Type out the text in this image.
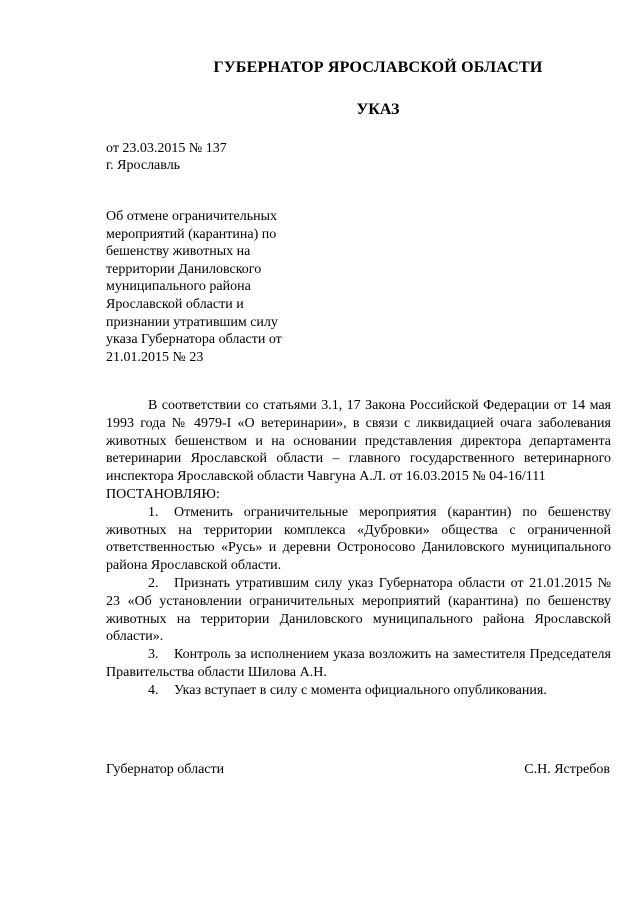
ГУБЕРНАТОР ЯРОСЛАВСКОЙ ОБЛАСТИ
УКАЗ
от 23.03.2015 № 137
г. Ярославль
Об отмене ограничительных мероприятий (карантина) по бешенству животных на территории Даниловского муниципального района Ярославской области и признании утратившим силу указа Губернатора области от 21.01.2015 № 23

В соответствии со статьями 3.1, 17 Закона Российской Федерации от 14 мая 1993 года № 4979-I «О ветеринарии», в связи с ликвидацией очага заболевания животных бешенством и на основании представления директора департамента ветеринарии Ярославской области – главного государственного ветеринарного инспектора Ярославской области Чавгуна А.Л. от 16.03.2015 № 04-16/111

ПОСТАНОВЛЯЮ:

1. Отменить ограничительные мероприятия (карантин) по бешенству животных на территории комплекса «Дубровки» общества с ограниченной ответственностью «Русь» и деревни Остроносово Даниловского муниципального района Ярославской области.

2. Признать утратившим силу указ Губернатора области от 21.01.2015 № 23 «Об установлении ограничительных мероприятий (карантина) по бешенству животных на территории Даниловского муниципального района Ярославской области».

3. Контроль за исполнением указа возложить на заместителя Председателя Правительства области Шилова А.Н.

4. Указ вступает в силу с момента официального опубликования.

Губернатор области	С.Н. Ястребов
